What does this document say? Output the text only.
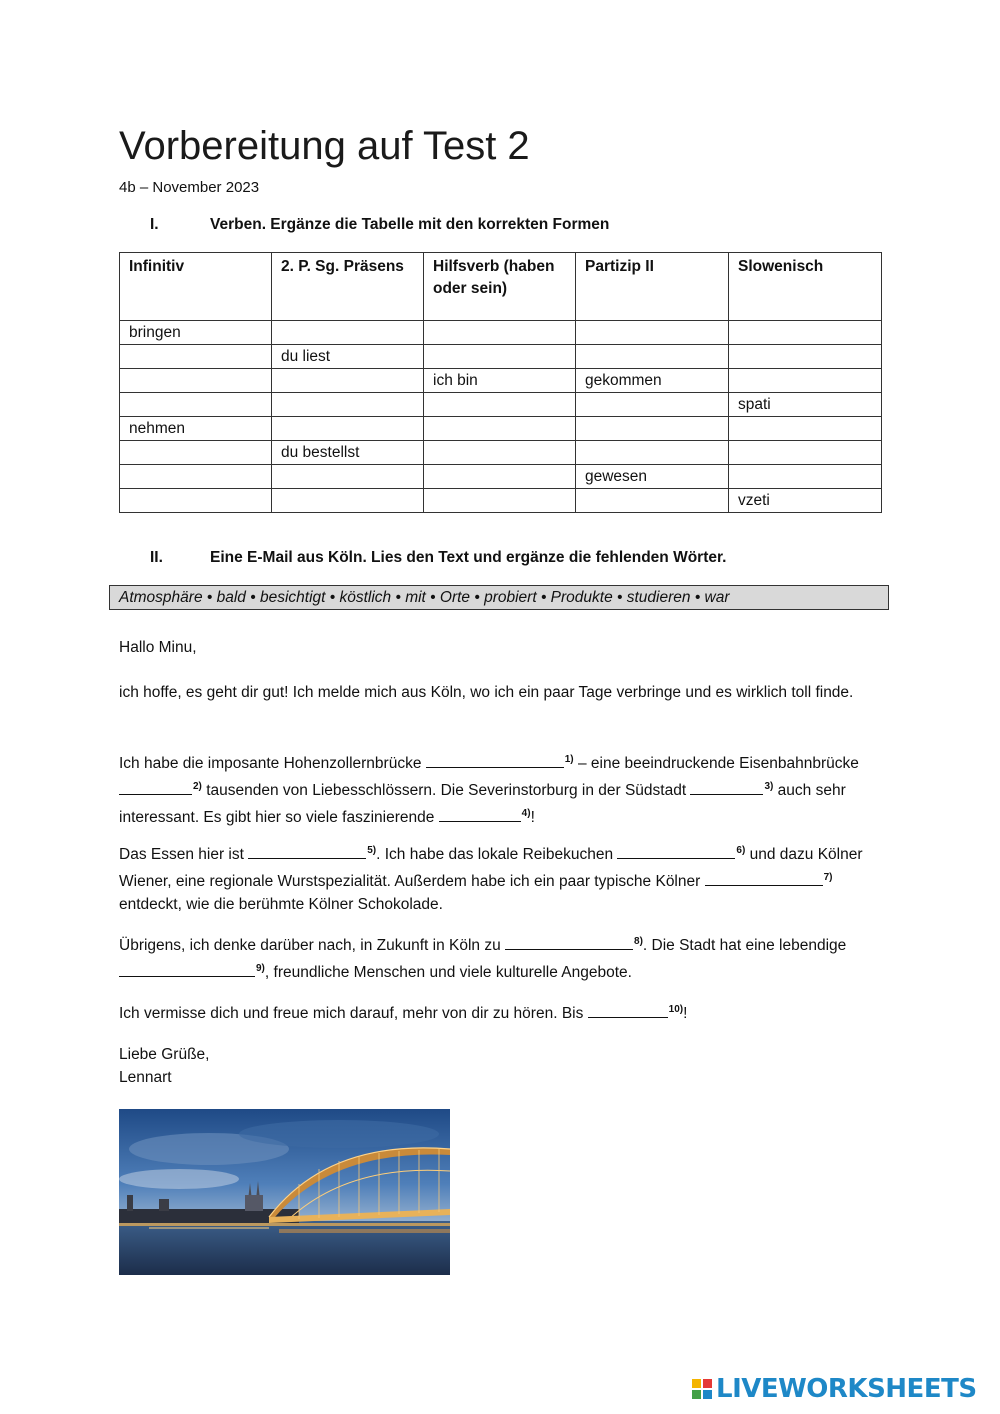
Vorbereitung auf Test 2
4b – November 2023
I.	Verben. Ergänze die Tabelle mit den korrekten Formen
Infinitiv	2. P. Sg. Präsens	Hilfsverb (haben oder sein)	Partizip II	Slowenisch
bringen				
	du liest			
		ich bin	gekommen	
				spati
nehmen				
	du bestellst			
			gewesen	
				vzeti
II.	Eine E-Mail aus Köln. Lies den Text und ergänze die fehlenden Wörter.
Atmosphäre • bald • besichtigt • köstlich • mit • Orte • probiert • Produkte • studieren • war
Hallo Minu,
ich hoffe, es geht dir gut! Ich melde mich aus Köln, wo ich ein paar Tage verbringe und es wirklich toll finde.
Ich habe die imposante Hohenzollernbrücke	$^{1)}$ – eine beeindruckende Eisenbahnbrücke $^{2)}$ tausenden von Liebesschlössern. Die Severinstorburg in der Südstadt	$^{3)}$ auch sehr interessant. Es gibt hier so viele faszinierende	$^{4)}$!
Das Essen hier ist	$^{5)}$. Ich habe das lokale Reibekuchen	$^{6)}$ und dazu Kölner Wiener, eine regionale Wurstspezialität. Außerdem habe ich ein paar typische Kölner	$^{7)}$ entdeckt, wie die berühmte Kölner Schokolade.
Übrigens, ich denke darüber nach, in Zukunft in Köln zu	$^{8)}$. Die Stadt hat eine lebendige $^{9)}$, freundliche Menschen und viele kulturelle Angebote.
Ich vermisse dich und freue mich darauf, mehr von dir zu hören. Bis	$^{10)}$!
Liebe Grüße,
Lennart
LIVEWORKSHEETS
